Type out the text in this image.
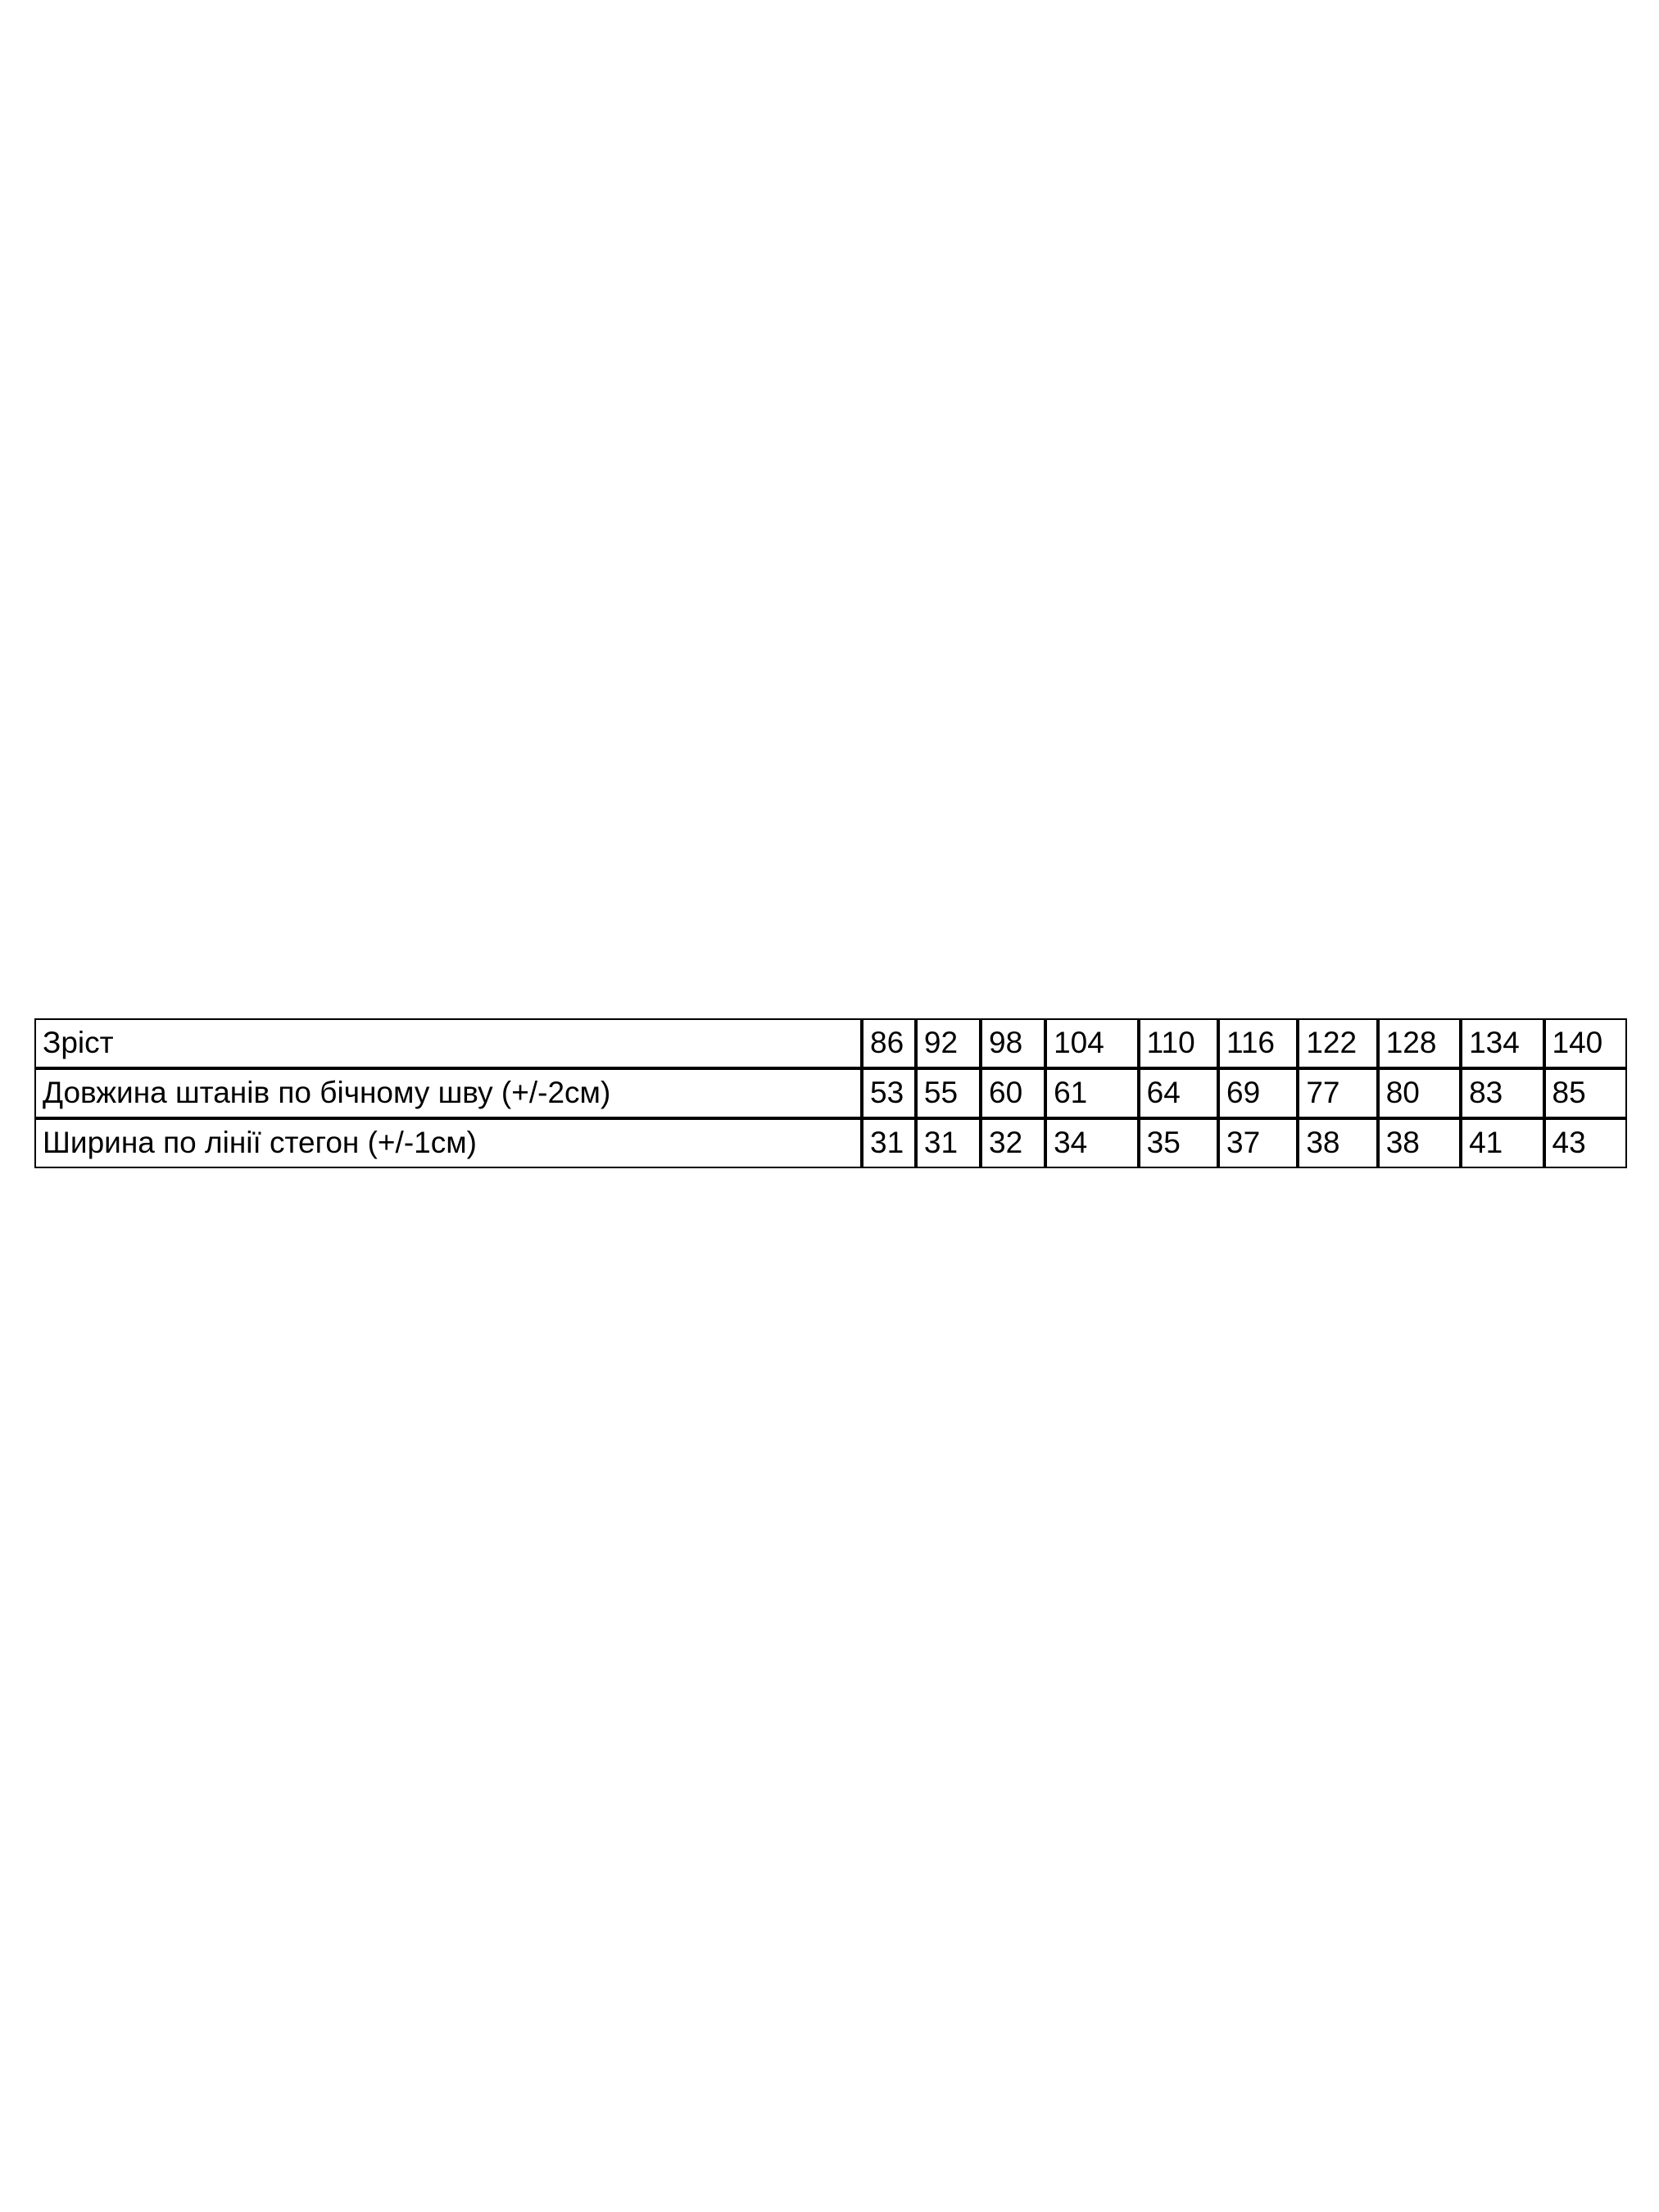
Зріст	86	92	98	104	110	116	122	128	134	140
Довжина штанів по бічному шву (+/-2см)	53	55	60	61	64	69	77	80	83	85
Ширина по лінії стегон (+/-1см)	31	31	32	34	35	37	38	38	41	43
